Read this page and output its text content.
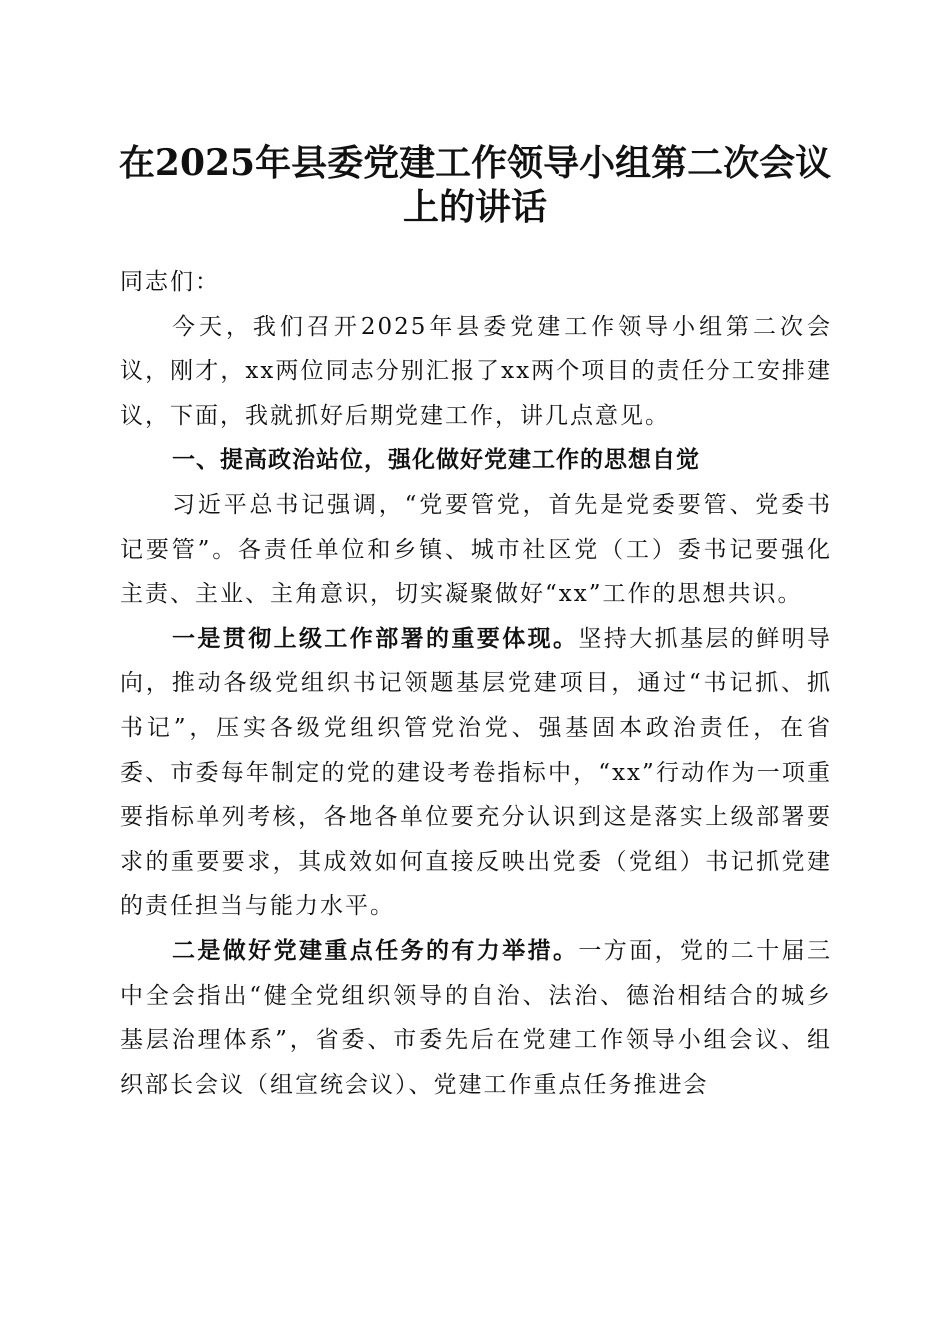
在2025年县委党建工作领导小组第二次会议
上的讲话

同志们：

今天，我们召开2025年县委党建工作领导小组第二次会议，刚才，xx两位同志分别汇报了xx两个项目的责任分工安排建议，下面，我就抓好后期党建工作，讲几点意见。

一、提高政治站位，强化做好党建工作的思想自觉

习近平总书记强调，“党要管党，首先是党委要管、党委书记要管”。各责任单位和乡镇、城市社区党（工）委书记要强化主责、主业、主角意识，切实凝聚做好“xx”工作的思想共识。

一是贯彻上级工作部署的重要体现。坚持大抓基层的鲜明导向，推动各级党组织书记领题基层党建项目，通过“书记抓、抓书记”，压实各级党组织管党治党、强基固本政治责任，在省委、市委每年制定的党的建设考卷指标中，“xx”行动作为一项重要指标单列考核，各地各单位要充分认识到这是落实上级部署要求的重要要求，其成效如何直接反映出党委（党组）书记抓党建的责任担当与能力水平。

二是做好党建重点任务的有力举措。一方面，党的二十届三中全会指出“健全党组织领导的自治、法治、德治相结合的城乡基层治理体系”，省委、市委先后在党建工作领导小组会议、组织部长会议（组宣统会议）、党建工作重点任务推进会
